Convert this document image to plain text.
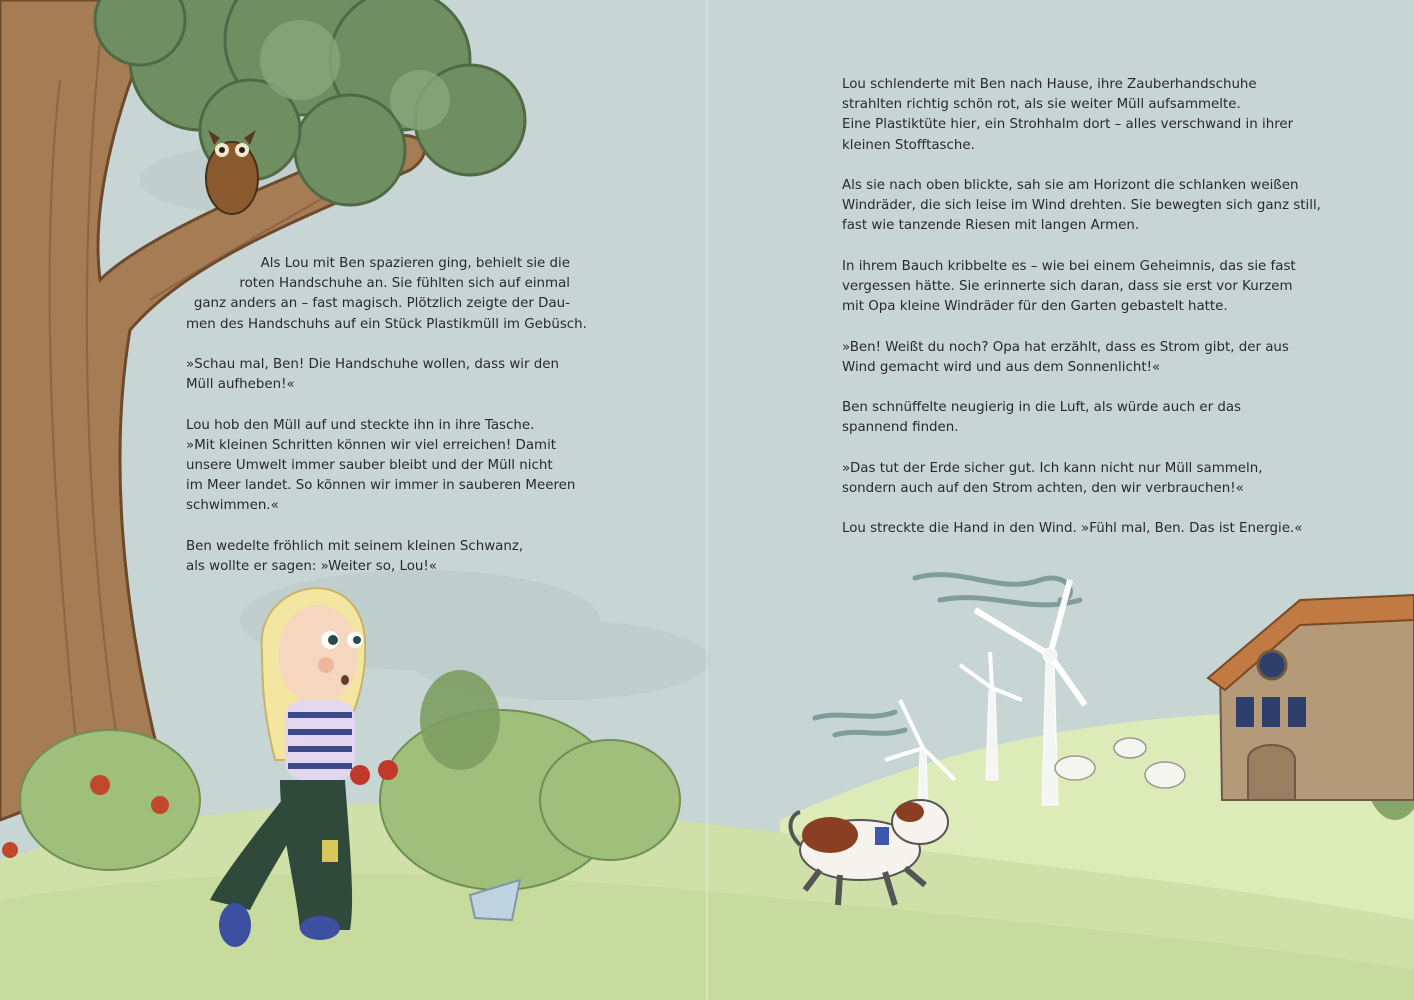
Als Lou mit Ben spazieren ging, behielt sie die
roten Handschuhe an. Sie fühlten sich auf einmal
ganz anders an – fast magisch. Plötzlich zeigte der Dau-
men des Handschuhs auf ein Stück Plastikmüll im Gebüsch.

»Schau mal, Ben! Die Handschuhe wollen, dass wir den
Müll aufheben!«

Lou hob den Müll auf und steckte ihn in ihre Tasche.
»Mit kleinen Schritten können wir viel erreichen! Damit
unsere Umwelt immer sauber bleibt und der Müll nicht
im Meer landet. So können wir immer in sauberen Meeren
schwimmen.«

Ben wedelte fröhlich mit seinem kleinen Schwanz,
als wollte er sagen: »Weiter so, Lou!«

Lou schlenderte mit Ben nach Hause, ihre Zauberhandschuhe
strahlten richtig schön rot, als sie weiter Müll aufsammelte.
Eine Plastiktüte hier, ein Strohhalm dort – alles verschwand in ihrer
kleinen Stofftasche.

Als sie nach oben blickte, sah sie am Horizont die schlanken weißen
Windräder, die sich leise im Wind drehten. Sie bewegten sich ganz still,
fast wie tanzende Riesen mit langen Armen.

In ihrem Bauch kribbelte es – wie bei einem Geheimnis, das sie fast
vergessen hätte. Sie erinnerte sich daran, dass sie erst vor Kurzem
mit Opa kleine Windräder für den Garten gebastelt hatte.

»Ben! Weißt du noch? Opa hat erzählt, dass es Strom gibt, der aus
Wind gemacht wird und aus dem Sonnenlicht!«

Ben schnüffelte neugierig in die Luft, als würde auch er das
spannend finden.

»Das tut der Erde sicher gut. Ich kann nicht nur Müll sammeln,
sondern auch auf den Strom achten, den wir verbrauchen!«

Lou streckte die Hand in den Wind. »Fühl mal, Ben. Das ist Energie.«
